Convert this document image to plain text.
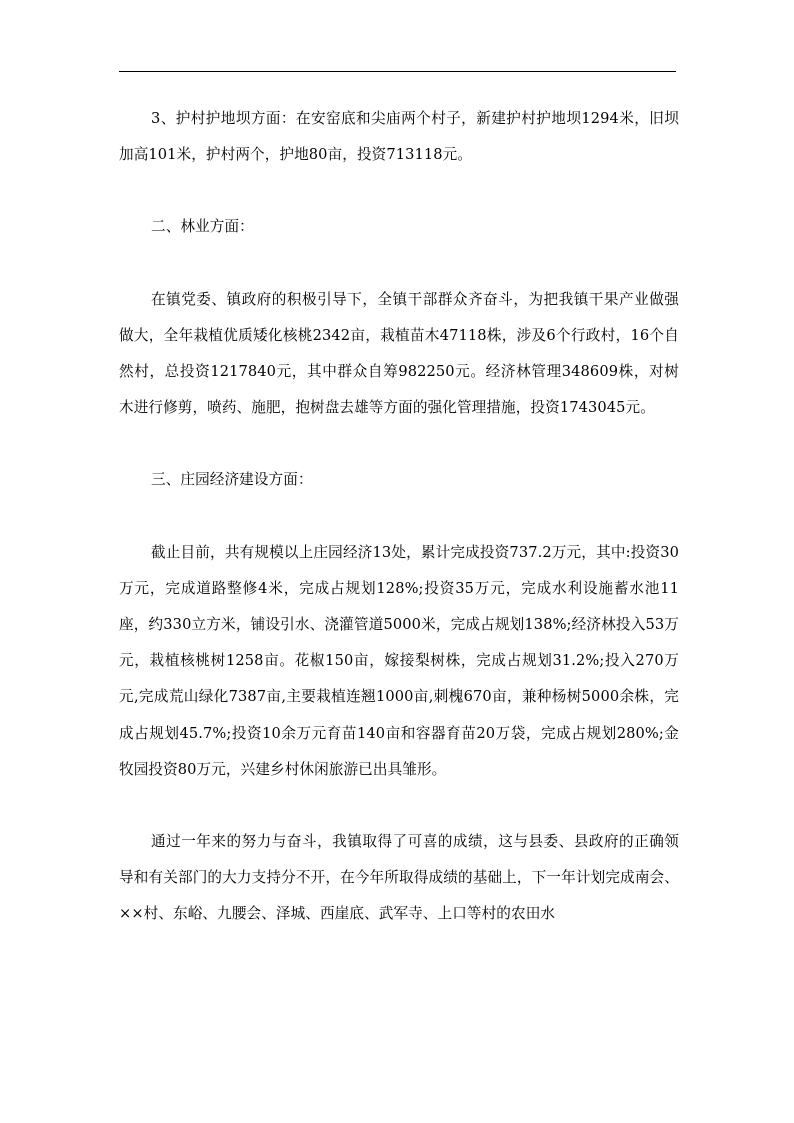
3、护村护地坝方面：在安窑底和尖庙两个村子，新建护村护地坝1294米，旧坝加高101米，护村两个，护地80亩，投资713118元。

二、林业方面：

在镇党委、镇政府的积极引导下，全镇干部群众齐奋斗，为把我镇干果产业做强做大，全年栽植优质矮化核桃2342亩，栽植苗木47118株，涉及6个行政村，16个自然村，总投资1217840元，其中群众自筹982250元。经济林管理348609株，对树木进行修剪，喷药、施肥，抱树盘去雄等方面的强化管理措施，投资1743045元。

三、庄园经济建设方面：

截止目前，共有规模以上庄园经济13处，累计完成投资737.2万元，其中:投资30万元，完成道路整修4米，完成占规划128%;投资35万元，完成水利设施蓄水池11座，约330立方米，铺设引水、浇灌管道5000米，完成占规划138%;经济林投入53万元，栽植核桃树1258亩。花椒150亩，嫁接梨树株，完成占规划31.2%;投入270万元,完成荒山绿化7387亩,主要栽植连翘1000亩,刺槐670亩，兼种杨树5000余株，完成占规划45.7%;投资10余万元育苗140亩和容器育苗20万袋，完成占规划280%;金牧园投资80万元，兴建乡村休闲旅游已出具雏形。

通过一年来的努力与奋斗，我镇取得了可喜的成绩，这与县委、县政府的正确领导和有关部门的大力支持分不开，在今年所取得成绩的基础上，下一年计划完成南会、××村、东峪、九腰会、泽城、西崖底、武军寺、上口等村的农田水
